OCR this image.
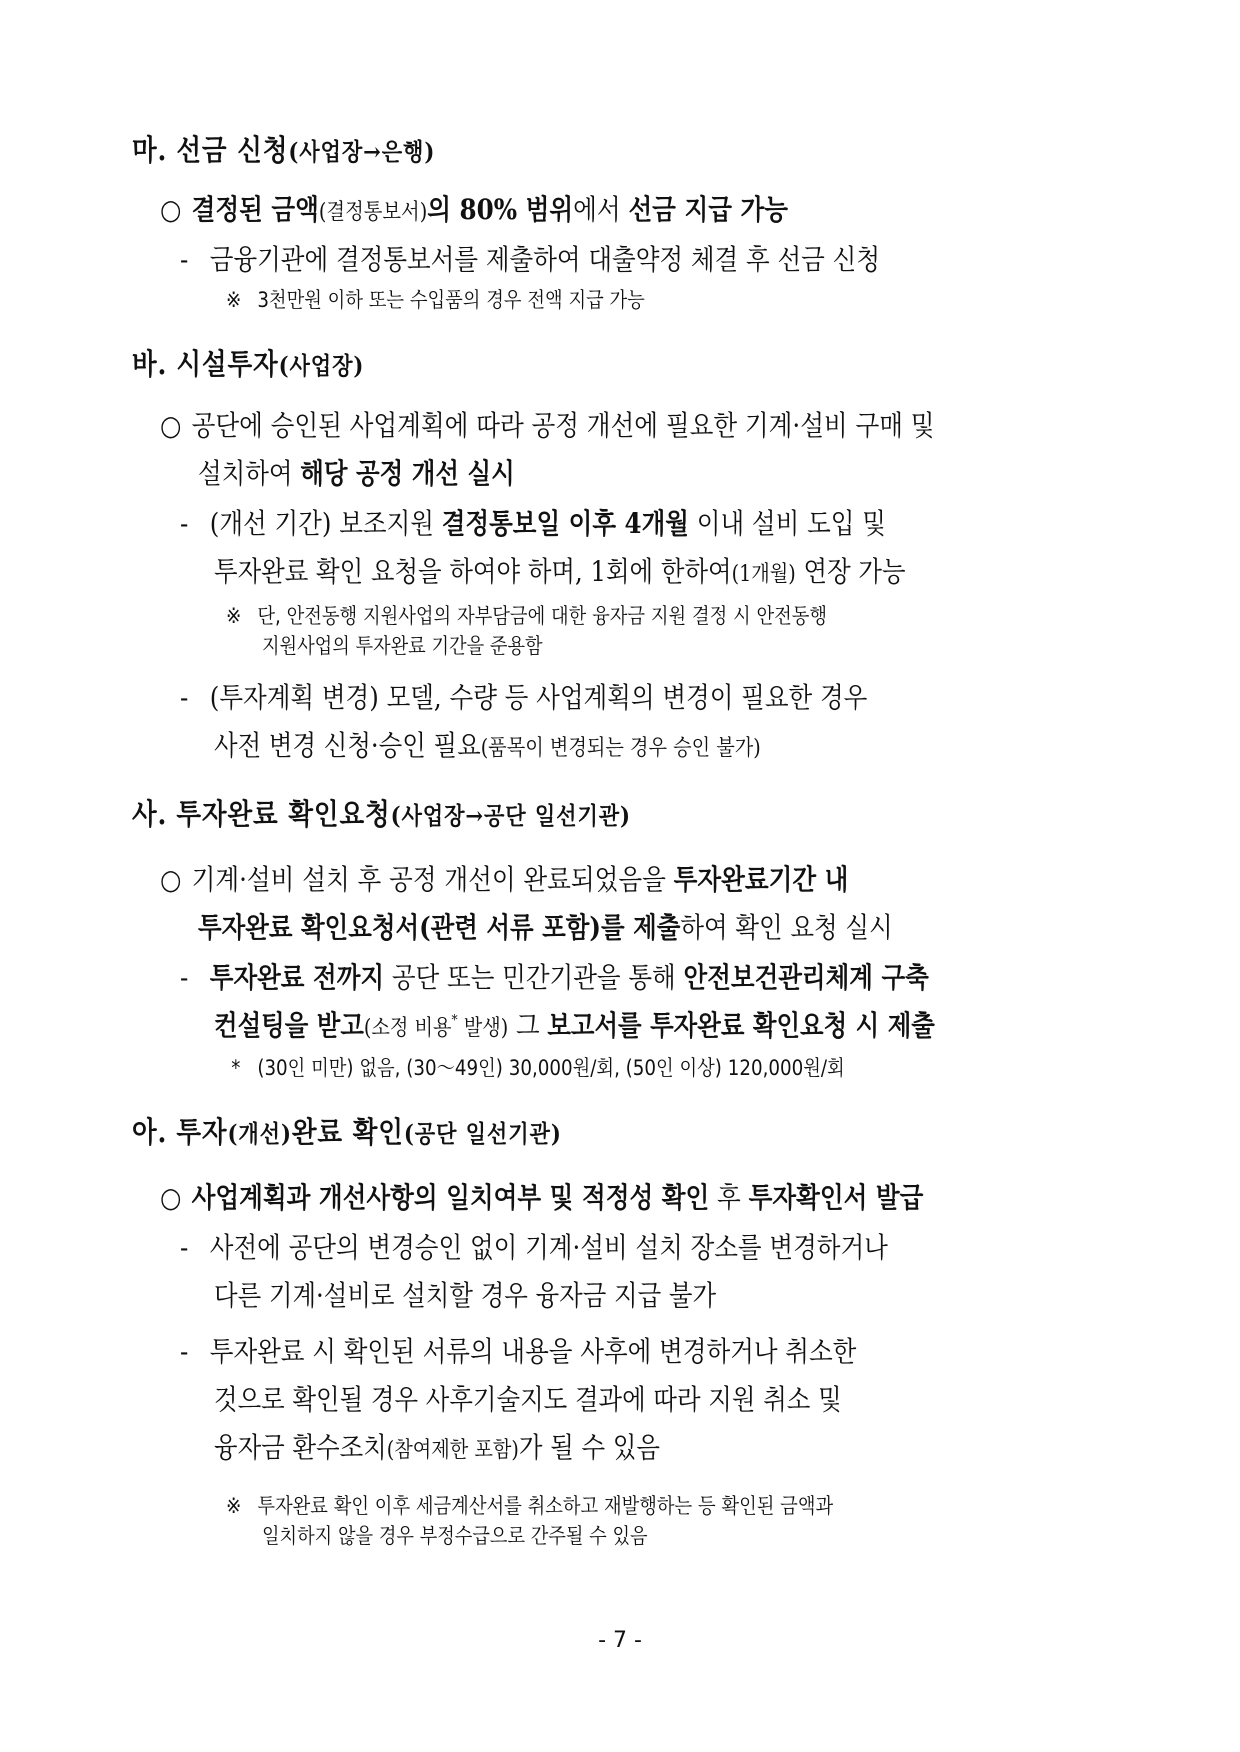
마. 선금 신청(사업장→은행)
○ 결정된 금액(결정통보서)의 80% 범위에서 선금 지급 가능
- 금융기관에 결정통보서를 제출하여 대출약정 체결 후 선금 신청
※ 3천만원 이하 또는 수입품의 경우 전액 지급 가능
바. 시설투자(사업장)
○ 공단에 승인된 사업계획에 따라 공정 개선에 필요한 기계·설비 구매 및
설치하여 해당 공정 개선 실시
- (개선 기간) 보조지원 결정통보일 이후 4개월 이내 설비 도입 및
투자완료 확인 요청을 하여야 하며, 1회에 한하여(1개월) 연장 가능
※ 단, 안전동행 지원사업의 자부담금에 대한 융자금 지원 결정 시 안전동행
지원사업의 투자완료 기간을 준용함
- (투자계획 변경) 모델, 수량 등 사업계획의 변경이 필요한 경우
사전 변경 신청·승인 필요(품목이 변경되는 경우 승인 불가)
사. 투자완료 확인요청(사업장→공단 일선기관)
○ 기계·설비 설치 후 공정 개선이 완료되었음을 투자완료기간 내
투자완료 확인요청서(관련 서류 포함)를 제출하여 확인 요청 실시
- 투자완료 전까지 공단 또는 민간기관을 통해 안전보건관리체계 구축
컨설팅을 받고(소정 비용* 발생) 그 보고서를 투자완료 확인요청 시 제출
* (30인 미만) 없음, (30～49인) 30,000원/회, (50인 이상) 120,000원/회
아. 투자(개선)완료 확인(공단 일선기관)
○ 사업계획과 개선사항의 일치여부 및 적정성 확인 후 투자확인서 발급
- 사전에 공단의 변경승인 없이 기계·설비 설치 장소를 변경하거나
다른 기계·설비로 설치할 경우 융자금 지급 불가
- 투자완료 시 확인된 서류의 내용을 사후에 변경하거나 취소한
것으로 확인될 경우 사후기술지도 결과에 따라 지원 취소 및
융자금 환수조치(참여제한 포함)가 될 수 있음
※ 투자완료 확인 이후 세금계산서를 취소하고 재발행하는 등 확인된 금액과
일치하지 않을 경우 부정수급으로 간주될 수 있음
- 7 -
